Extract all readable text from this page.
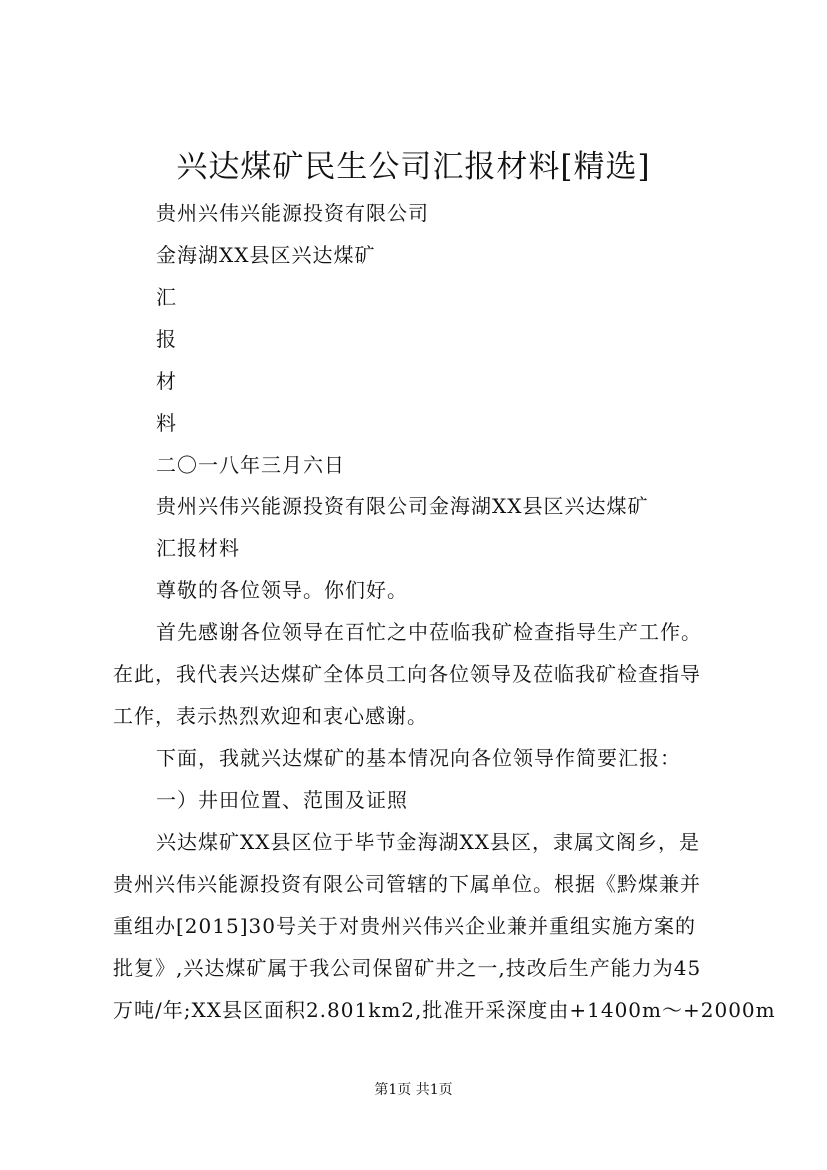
兴达煤矿民生公司汇报材料[精选]
贵州兴伟兴能源投资有限公司
金海湖XX县区兴达煤矿
汇
报
材
料
二〇一八年三月六日
贵州兴伟兴能源投资有限公司金海湖XX县区兴达煤矿
汇报材料
尊敬的各位领导。你们好。
首先感谢各位领导在百忙之中莅临我矿检查指导生产工作。
在此，我代表兴达煤矿全体员工向各位领导及莅临我矿检查指导
工作，表示热烈欢迎和衷心感谢。
下面，我就兴达煤矿的基本情况向各位领导作简要汇报：
一）井田位置、范围及证照
兴达煤矿XX县区位于毕节金海湖XX县区，隶属文阁乡，是
贵州兴伟兴能源投资有限公司管辖的下属单位。根据《黔煤兼并
重组办[2015]30号关于对贵州兴伟兴企业兼并重组实施方案的
批复》,兴达煤矿属于我公司保留矿井之一,技改后生产能力为45
万吨/年;XX县区面积2.801km2,批准开采深度由+1400m～+2000m
第1页 共1页
